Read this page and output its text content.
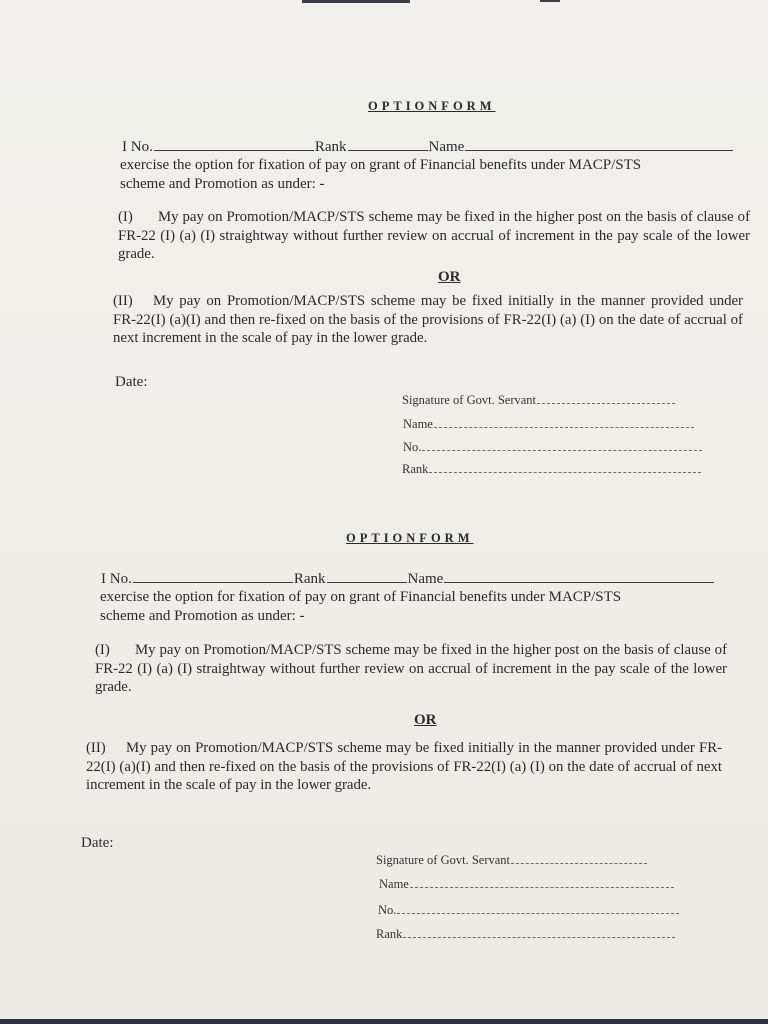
OPTIONFORM
I No.	Rank	Name
exercise the option for fixation of pay on grant of Financial benefits under MACP/STS
scheme and Promotion as under: -
(I) My pay on Promotion/MACP/STS scheme may be fixed in the higher post on the basis of clause of FR-22 (I) (a) (I) straightway without further review on accrual of increment in the pay scale of the lower grade.
OR
(II) My pay on Promotion/MACP/STS scheme may be fixed initially in the manner provided under FR-22(I) (a)(I) and then re-fixed on the basis of the provisions of FR-22(I) (a) (I) on the date of accrual of next increment in the scale of pay in the lower grade.
Date:
Signature of Govt. Servant
Name
No.
Rank
OPTIONFORM
I No.	Rank	Name
exercise the option for fixation of pay on grant of Financial benefits under MACP/STS
scheme and Promotion as under: -
(I) My pay on Promotion/MACP/STS scheme may be fixed in the higher post on the basis of clause of FR-22 (I) (a) (I) straightway without further review on accrual of increment in the pay scale of the lower grade.
OR
(II) My pay on Promotion/MACP/STS scheme may be fixed initially in the manner provided under FR-22(I) (a)(I) and then re-fixed on the basis of the provisions of FR-22(I) (a) (I) on the date of accrual of next increment in the scale of pay in the lower grade.
Date:
Signature of Govt. Servant
Name
No.
Rank
